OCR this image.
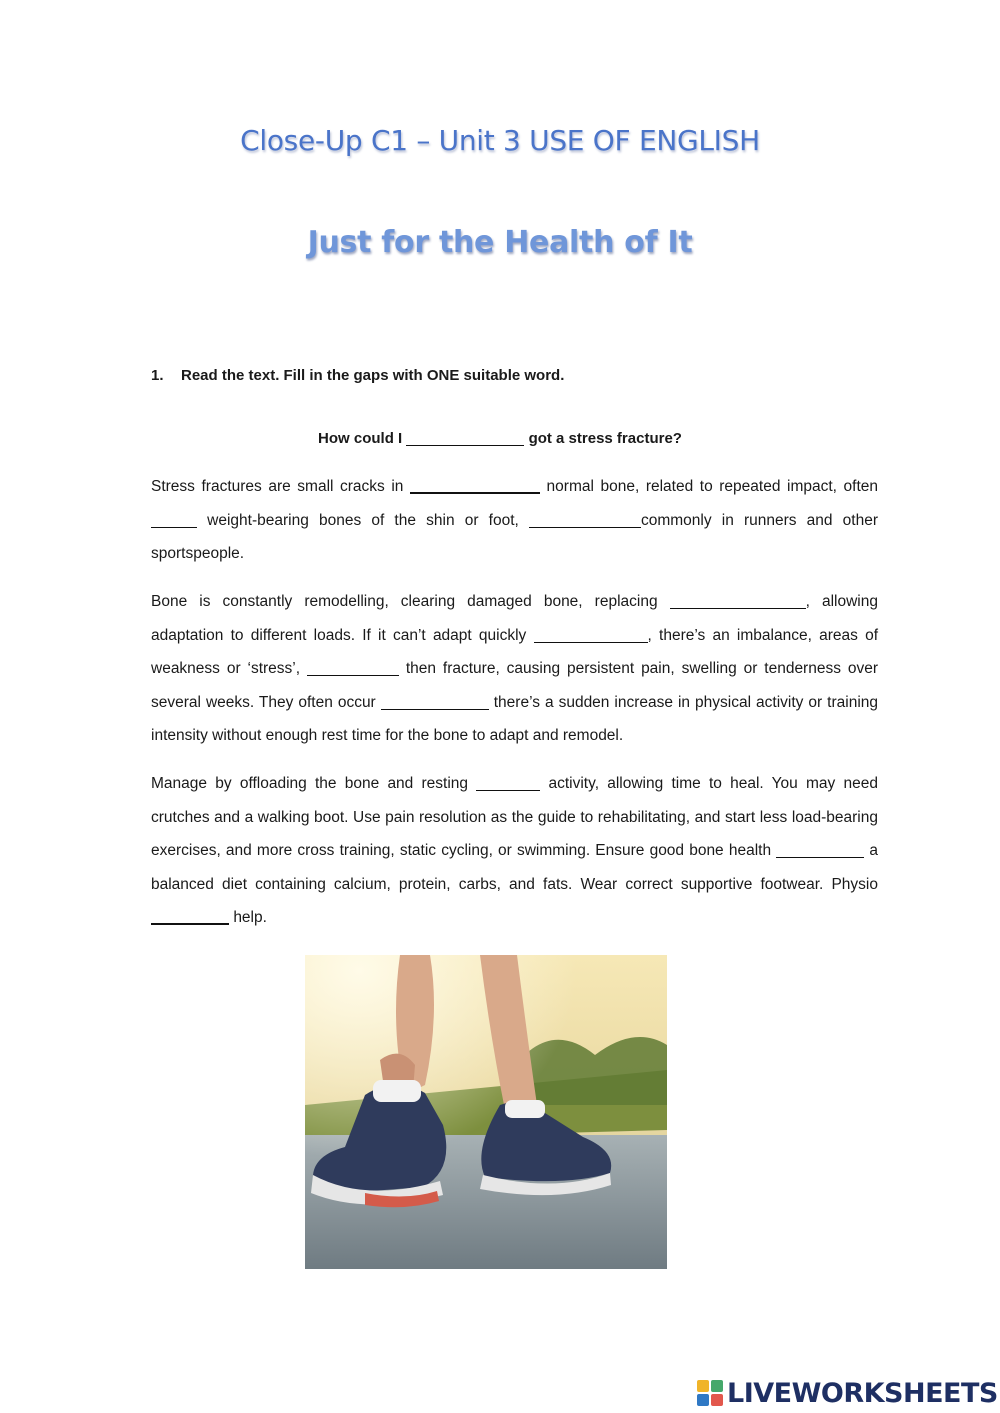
Close-Up C1 – Unit 3 USE OF ENGLISH
Just for the Health of It
1. Read the text. Fill in the gaps with ONE suitable word.
How could I	got a stress fracture?
Stress fractures are small cracks in	normal bone, related to repeated impact, often  weight-bearing bones of the shin or foot,	commonly in runners and other sportspeople.
Bone is constantly remodelling, clearing damaged bone, replacing	, allowing adaptation to different loads. If it can’t adapt quickly	, there’s an imbalance, areas of weakness or ‘stress’,	then fracture, causing persistent pain, swelling or tenderness over several weeks. They often occur	there’s a sudden increase in physical activity or training intensity without enough rest time for the bone to adapt and remodel.
Manage by offloading the bone and resting	activity, allowing time to heal. You may need crutches and a walking boot. Use pain resolution as the guide to rehabilitating, and start less load-bearing exercises, and more cross training, static cycling, or swimming. Ensure good bone health	a balanced diet containing calcium, protein, carbs, and fats. Wear correct supportive footwear. Physio  help.
LIVEWORKSHEETS
